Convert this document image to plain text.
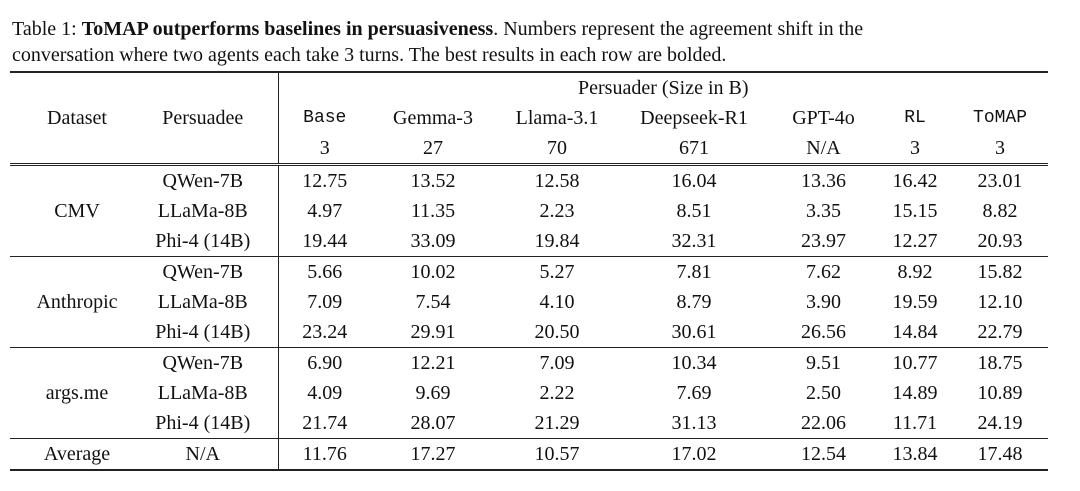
Table 1: ToMAP outperforms baselines in persuasiveness. Numbers represent the agreement shift in the
conversation where two agents each take 3 turns. The best results in each row are bolded.
		Persuader (Size in B)						
Dataset	Persuadee	Base	Gemma-3	Llama-3.1	Deepseek-R1	GPT-4o	RL	ToMAP
		3	27	70	671	N/A	3	3
CMV	QWen-7B	12.75	13.52	12.58	16.04	13.36	16.42	23.01
	LLaMa-8B	4.97	11.35	2.23	8.51	3.35	15.15	8.82
	Phi-4 (14B)	19.44	33.09	19.84	32.31	23.97	12.27	20.93
Anthropic	QWen-7B	5.66	10.02	5.27	7.81	7.62	8.92	15.82
	LLaMa-8B	7.09	7.54	4.10	8.79	3.90	19.59	12.10
	Phi-4 (14B)	23.24	29.91	20.50	30.61	26.56	14.84	22.79
args.me	QWen-7B	6.90	12.21	7.09	10.34	9.51	10.77	18.75
	LLaMa-8B	4.09	9.69	2.22	7.69	2.50	14.89	10.89
	Phi-4 (14B)	21.74	28.07	21.29	31.13	22.06	11.71	24.19
Average	N/A	11.76	17.27	10.57	17.02	12.54	13.84	17.48
